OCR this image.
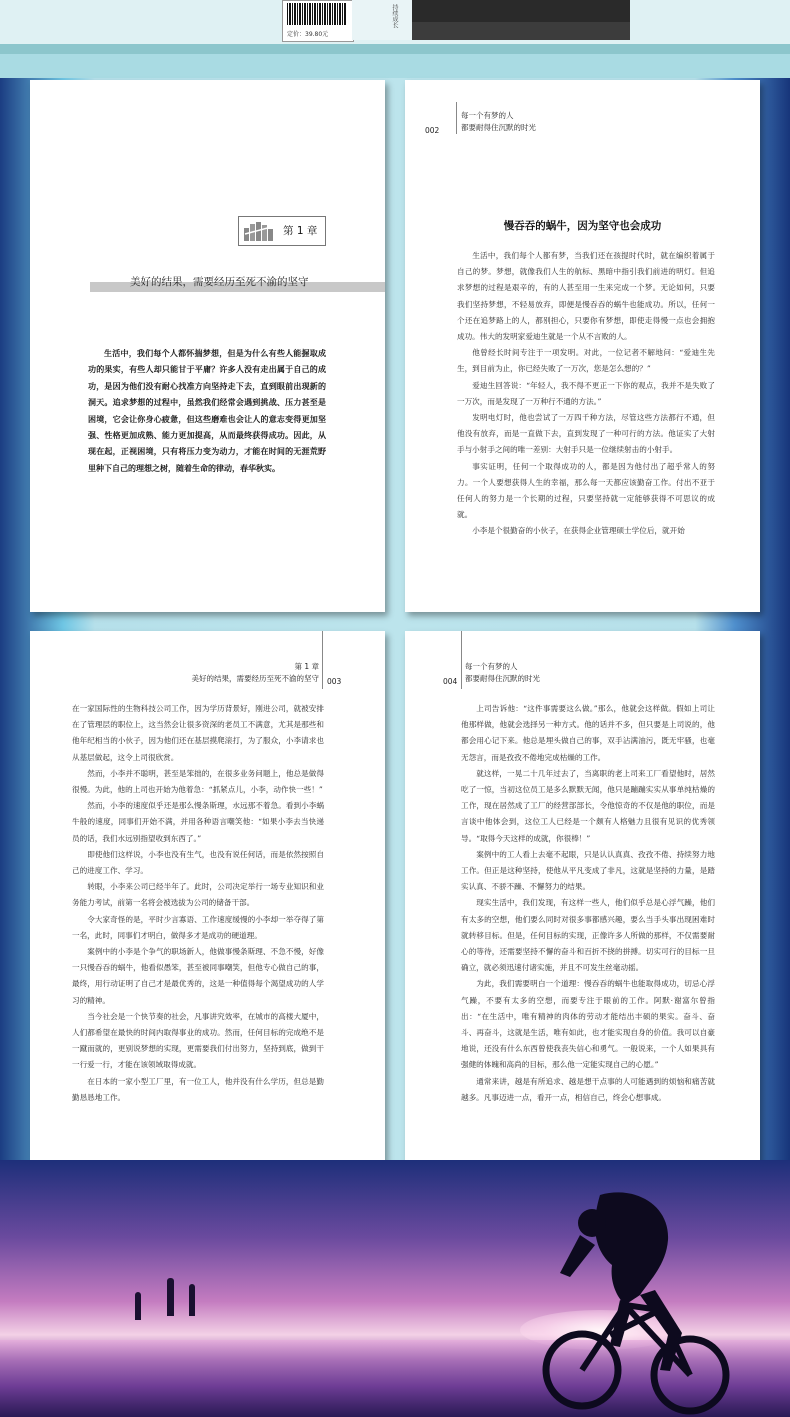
定价：39.80元
持续成长
第 1 章
美好的结果，需要经历至死不渝的坚守

生活中，我们每个人都怀揣梦想，但是为什么有些人能握取成功的果实，有些人却只能甘于平庸？许多人没有走出属于自己的成功，是因为他们没有耐心找准方向坚持走下去，直到眼前出现新的洞天。追求梦想的过程中，虽然我们经常会遇到挑战、压力甚至是困境，它会让你身心疲惫，但这些磨难也会让人的意志变得更加坚强、性格更加成熟、能力更加提高，从而最终获得成功。因此，从现在起，正视困境，只有将压力变为动力，才能在时间的无涯荒野里种下自己的理想之树，随着生命的律动，春华秋实。

002
每一个有梦的人
都要耐得住沉默的时光
慢吞吞的蜗牛，因为坚守也会成功

生活中，我们每个人都有梦，当我们还在孩提时代时，就在编织着属于自己的梦。梦想，就像我们人生的航标、黑暗中指引我们前进的明灯。但追求梦想的过程是艰辛的，有的人甚至用一生来完成一个梦。无论如何，只要我们坚持梦想，不轻易放弃，即便是慢吞吞的蜗牛也能成功。所以，任何一个还在追梦路上的人，都别担心，只要你有梦想，即使走得慢一点也会拥抱成功。伟大的发明家爱迪生就是一个从不言败的人。

他曾经长时间专注于一项发明。对此，一位记者不解地问：“爱迪生先生，到目前为止，你已经失败了一万次，您是怎么想的？”

爱迪生回答说：“年轻人，我不得不更正一下你的观点，我并不是失败了一万次，而是发现了一万种行不通的方法。”

发明电灯时，他也尝试了一万四千种方法，尽管这些方法都行不通，但他没有放弃，而是一直做下去，直到发现了一种可行的方法。他证实了大射手与小射手之间的唯一差别：大射手只是一位继续射击的小射手。

事实证明，任何一个取得成功的人，都是因为他付出了超乎常人的努力。一个人要想获得人生的幸福，那么每一天都应该勤奋工作。付出不亚于任何人的努力是一个长期的过程，只要坚持就一定能够获得不可思议的成就。

小李是个很勤奋的小伙子，在获得企业管理硕士学位后，就开始

第 1 章
美好的结果，需要经历至死不渝的坚守 003

在一家国际性的生物科技公司工作，因为学历背景好，刚进公司，就被安排在了管理层的职位上，这当然会让很多资深的老员工不满意，尤其是那些和他年纪相当的小伙子，因为他们还在基层摸爬滚打，为了服众，小李请求也从基层做起，这令上司很欣赏。

然而，小李并不聪明，甚至是笨拙的，在很多业务问题上，他总是做得很慢。为此，他的上司也开始为他着急：“抓紧点儿，小李，动作快一些！”

然而，小李的速度似乎还是那么慢条斯理，水远那不着急。看到小李蜗牛般的速度，同事们开始不满，并用各种语言嘲笑他：“如果小李去当快递员的话，我们水远别指望收到东西了。”

即使他们这样说，小李也没有生气，也没有说任何话，而是依然按照自己的进度工作、学习。

转眼，小李来公司已经半年了。此时，公司决定举行一场专业知识和业务能力考试，前第一名将会被选拔为公司的储备干部。

令大家奇怪的是，平时少言寡语、工作速度缓慢的小李却一举夺得了第一名，此时，同事们才明白，做得多才是成功的硬道理。

案例中的小李是个争气的职场新人，他做事慢条斯理、不急不慢，好像一只慢吞吞的蜗牛，他看似愚笨，甚至被同事嘲笑，但他专心做自己的事，最终，用行动证明了自己才是最优秀的，这是一种值得每个渴望成功的人学习的精神。

当今社会是一个快节奏的社会，凡事讲究效率，在城市的高楼大厦中，人们都希望在最快的时间内取得事业的成功。然而，任何目标的完成绝不是一蹴而就的，更别说梦想的实现，更需要我们付出努力，坚持到底，做到干一行爱一行，才能在该领域取得成就。

在日本的一家小型工厂里，有一位工人，他并没有什么学历，但总是勤勤恳恳地工作。

004
每一个有梦的人
都要耐得住沉默的时光

上司告诉他：“这件事需要这么做。”那么，他就会这样做。假如上司让他那样做，他就会选择另一种方式。他的话并不多，但只要是上司说的，他都会用心记下来。他总是埋头做自己的事，双手沾满油污，既无牢骚，也毫无怨言，而是孜孜不倦地完成枯燥的工作。

就这样，一晃二十几年过去了，当离职的老上司来工厂看望他时，居然吃了一惊，当初这位员工是多么默默无闻，他只是蹦蹦实实从事单纯枯燥的工作，现在居然成了工厂的经营部部长，令他惊奇的不仅是他的职位，而是言谈中他体会到，这位工人已经是一个颇有人格魅力且很有见识的优秀领导。“取得今天这样的成就，你很棒！”

案例中的工人看上去毫不起眼，只是认认真真、孜孜不倦、持续努力地工作。但正是这种坚持，使他从平凡变成了非凡，这就是坚持的力量，是踏实认真、不骄不躁、不懈努力的结果。

现实生活中，我们发现，有这样一些人，他们似乎总是心浮气躁，他们有太多的空想，他们要么同时对很多事都感兴趣，要么当手头事出现困难时就转移目标。但是，任何目标的实现，正像许多人所做的那样，不仅需要耐心的等待，还需要坚持不懈的奋斗和百折不挠的拼搏。切实可行的目标一旦确立，就必须迅速付诸实施，并且不可发生丝毫动摇。

为此，我们需要明白一个道理：慢吞吞的蜗牛也能取得成功，切忌心浮气躁，不要有太多的空想，而要专注于眼前的工作。阿默·谢富尔曾指出：“在生活中，唯有精神的肉体的劳动才能结出丰硕的果实。奋斗、奋斗、再奋斗，这就是生活，唯有如此，也才能实现自身的价值。我可以自豪地说，还没有什么东西曾使我丧失信心和勇气。一般说来，一个人如果具有强健的体魄和高尚的目标，那么他一定能实现自己的心愿。”

通常来讲，越是有所追求、越是想干点事的人可能遇到的烦恼和痛苦就越多。凡事迈进一点，看开一点，相信自己，终会心想事成。
